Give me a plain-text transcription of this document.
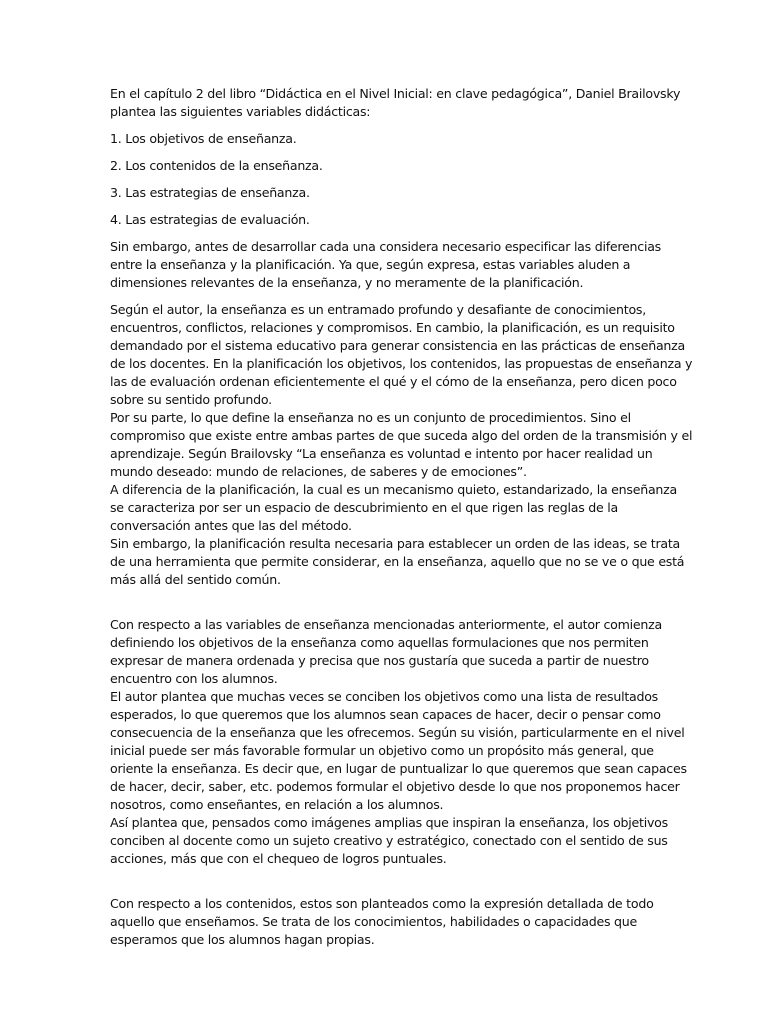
En el capítulo 2 del libro “Didáctica en el Nivel Inicial: en clave pedagógica”, Daniel Brailovsky
plantea las siguientes variables didácticas:
1. Los objetivos de enseñanza.
2. Los contenidos de la enseñanza.
3. Las estrategias de enseñanza.
4. Las estrategias de evaluación.
Sin embargo, antes de desarrollar cada una considera necesario especificar las diferencias
entre la enseñanza y la planificación. Ya que, según expresa, estas variables aluden a
dimensiones relevantes de la enseñanza, y no meramente de la planificación.
Según el autor, la enseñanza es un entramado profundo y desafiante de conocimientos,
encuentros, conflictos, relaciones y compromisos. En cambio, la planificación, es un requisito
demandado por el sistema educativo para generar consistencia en las prácticas de enseñanza
de los docentes. En la planificación los objetivos, los contenidos, las propuestas de enseñanza y
las de evaluación ordenan eficientemente el qué y el cómo de la enseñanza, pero dicen poco
sobre su sentido profundo.
Por su parte, lo que define la enseñanza no es un conjunto de procedimientos. Sino el
compromiso que existe entre ambas partes de que suceda algo del orden de la transmisión y el
aprendizaje. Según Brailovsky “La enseñanza es voluntad e intento por hacer realidad un
mundo deseado: mundo de relaciones, de saberes y de emociones”.
A diferencia de la planificación, la cual es un mecanismo quieto, estandarizado, la enseñanza
se caracteriza por ser un espacio de descubrimiento en el que rigen las reglas de la
conversación antes que las del método.
Sin embargo, la planificación resulta necesaria para establecer un orden de las ideas, se trata
de una herramienta que permite considerar, en la enseñanza, aquello que no se ve o que está
más allá del sentido común.
Con respecto a las variables de enseñanza mencionadas anteriormente, el autor comienza
definiendo los objetivos de la enseñanza como aquellas formulaciones que nos permiten
expresar de manera ordenada y precisa que nos gustaría que suceda a partir de nuestro
encuentro con los alumnos.
El autor plantea que muchas veces se conciben los objetivos como una lista de resultados
esperados, lo que queremos que los alumnos sean capaces de hacer, decir o pensar como
consecuencia de la enseñanza que les ofrecemos. Según su visión, particularmente en el nivel
inicial puede ser más favorable formular un objetivo como un propósito más general, que
oriente la enseñanza. Es decir que, en lugar de puntualizar lo que queremos que sean capaces
de hacer, decir, saber, etc. podemos formular el objetivo desde lo que nos proponemos hacer
nosotros, como enseñantes, en relación a los alumnos.
Así plantea que, pensados como imágenes amplias que inspiran la enseñanza, los objetivos
conciben al docente como un sujeto creativo y estratégico, conectado con el sentido de sus
acciones, más que con el chequeo de logros puntuales.
Con respecto a los contenidos, estos son planteados como la expresión detallada de todo
aquello que enseñamos. Se trata de los conocimientos, habilidades o capacidades que
esperamos que los alumnos hagan propias.
